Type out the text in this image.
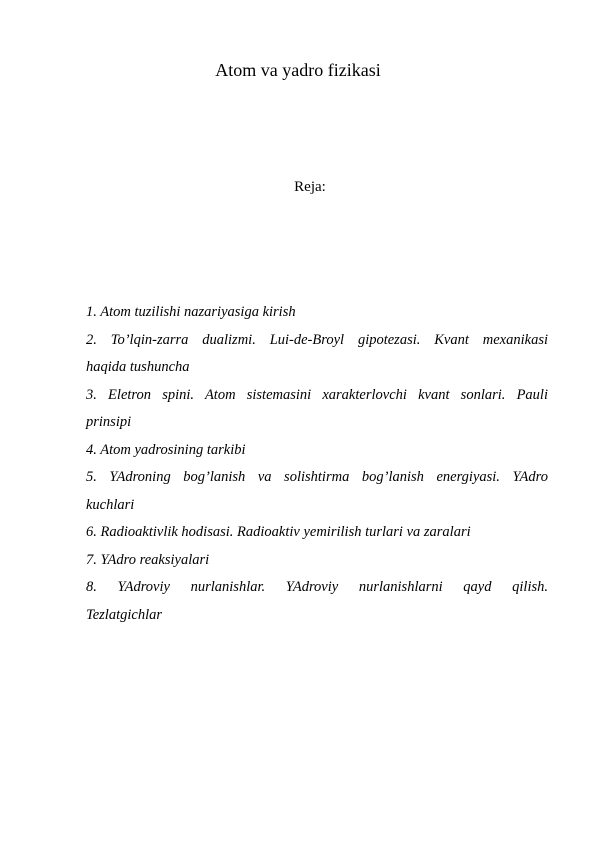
Atom va yadro fizikasi
Reja:
1. Atom tuzilishi nazariyasiga kirish
2. To’lqin-zarra dualizmi. Lui-de-Broyl gipotezasi. Kvant mexanikasi
haqida tushuncha
3. Eletron spini. Atom sistemasini xarakterlovchi kvant sonlari. Pauli
prinsipi
4. Atom yadrosining tarkibi
5. YAdroning bog’lanish va solishtirma bog’lanish energiyasi. YAdro
kuchlari
6. Radioaktivlik hodisasi. Radioaktiv yemirilish turlari va zaralari
7. YAdro reaksiyalari
8. YAdroviy nurlanishlar. YAdroviy nurlanishlarni qayd qilish.
Tezlatgichlar
